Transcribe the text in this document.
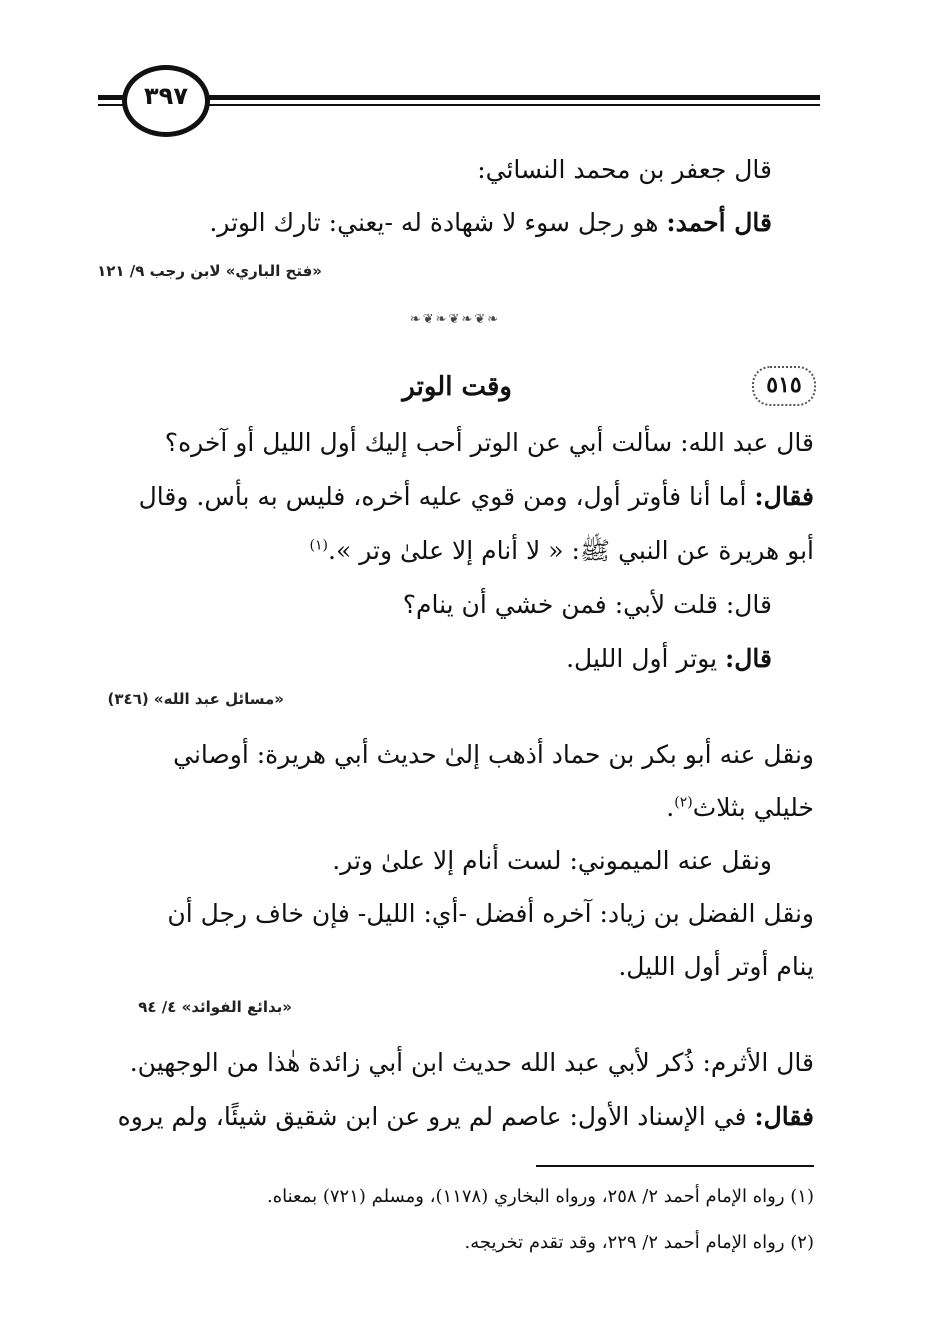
٣٩٧
قال جعفر بن محمد النسائي:
قال أحمد: هو رجل سوء لا شهادة له -يعني: تارك الوتر.
«فتح الباري» لابن رجب ٩/ ١٢١
❧❦❧❦❧❦❧
٥١٥
وقت الوتر
قال عبد الله: سألت أبي عن الوتر أحب إليك أول الليل أو آخره؟
فقال: أما أنا فأوتر أول، ومن قوي عليه أخره، فليس به بأس. وقال
أبو هريرة عن النبي ﷺ: « لا أنام إلا علىٰ وتر ».$^{(١)}$
قال: قلت لأبي: فمن خشي أن ينام؟
قال: يوتر أول الليل.
«مسائل عبد الله» (٣٤٦)
ونقل عنه أبو بكر بن حماد أذهب إلىٰ حديث أبي هريرة: أوصاني
خليلي بثلاث$^{(٢)}$.
ونقل عنه الميموني: لست أنام إلا علىٰ وتر.
ونقل الفضل بن زياد: آخره أفضل -أي: الليل- فإن خاف رجل أن
ينام أوتر أول الليل.
«بدائع الفوائد» ٤/ ٩٤
قال الأثرم: ذُكر لأبي عبد الله حديث ابن أبي زائدة هٰذا من الوجهين.
فقال: في الإسناد الأول: عاصم لم يرو عن ابن شقيق شيئًا، ولم يروه
(١) رواه الإمام أحمد ٢/ ٢٥٨، ورواه البخاري (١١٧٨)، ومسلم (٧٢١) بمعناه.
(٢) رواه الإمام أحمد ٢/ ٢٢٩، وقد تقدم تخريجه.
